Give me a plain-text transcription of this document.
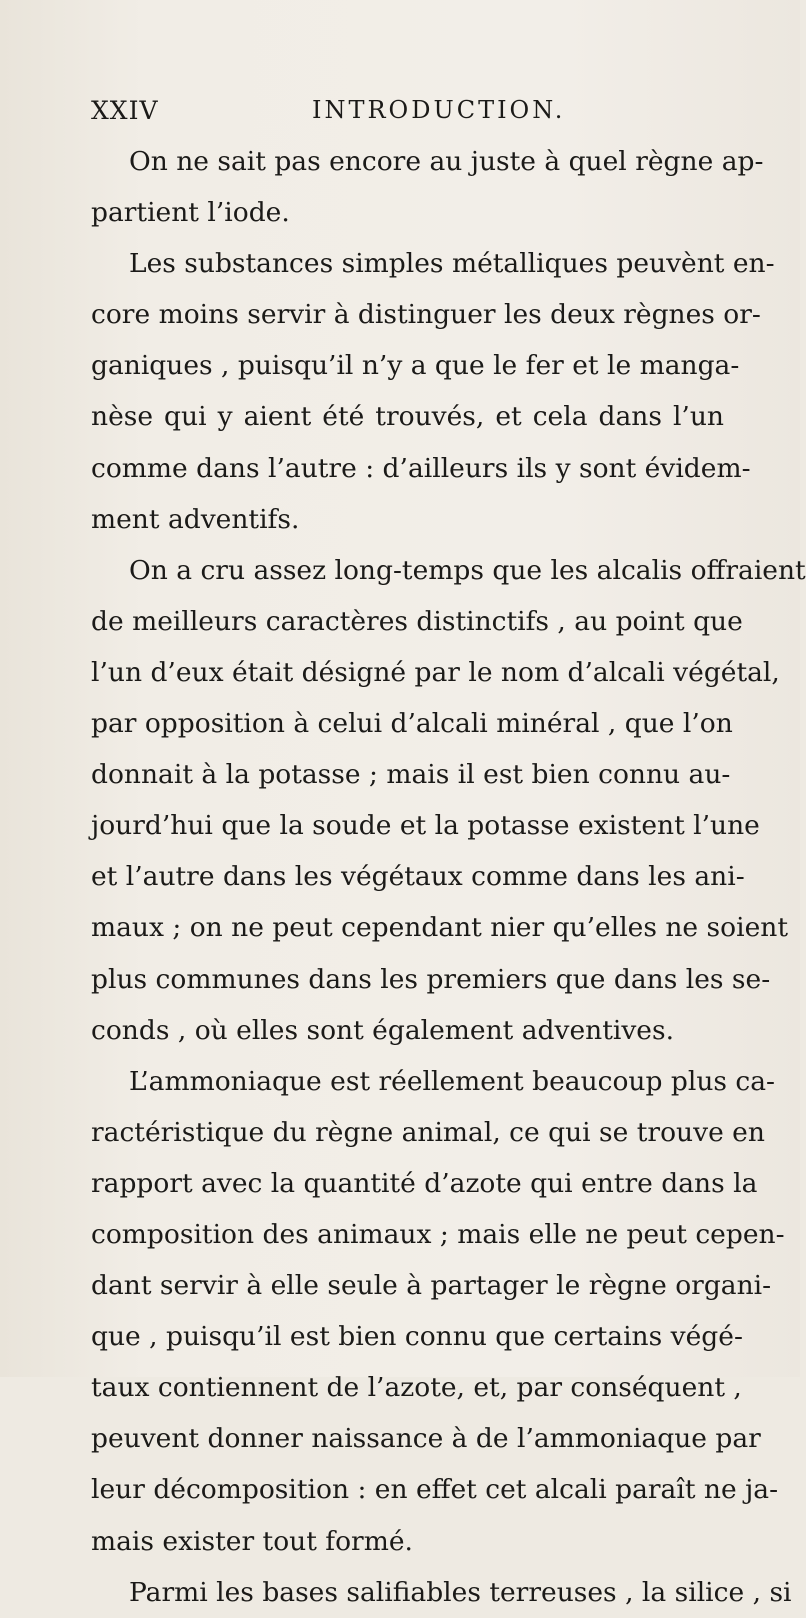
XXIV	INTRODUCTION.
On ne sait pas encore au juste à quel règne ap-
partient l’iode.
Les substances simples métalliques peuvènt en-
core moins servir à distinguer les deux règnes or-
ganiques , puisqu’il n’y a que le fer et le manga-
nèse qui y aient été trouvés, et cela dans l’un
comme dans l’autre : d’ailleurs ils y sont évidem-
ment adventifs.
On a cru assez long-temps que les alcalis offraient
de meilleurs caractères distinctifs , au point que
l’un d’eux était désigné par le nom d’alcali végétal,
par opposition à celui d’alcali minéral , que l’on
donnait à la potasse ; mais il est bien connu au-
jourd’hui que la soude et la potasse existent l’une
et l’autre dans les végétaux comme dans les ani-
maux ; on ne peut cependant nier qu’elles ne soient
plus communes dans les premiers que dans les se-
conds , où elles sont également adventives.
L’ammoniaque est réellement beaucoup plus ca-
ractéristique du règne animal, ce qui se trouve en
rapport avec la quantité d’azote qui entre dans la
composition des animaux ; mais elle ne peut cepen-
dant servir à elle seule à partager le règne organi-
que , puisqu’il est bien connu que certains végé-
taux contiennent de l’azote, et, par conséquent ,
peuvent donner naissance à de l’ammoniaque par
leur décomposition : en effet cet alcali paraît ne ja-
mais exister tout formé.
Parmi les bases salifiables terreuses , la silice , si
